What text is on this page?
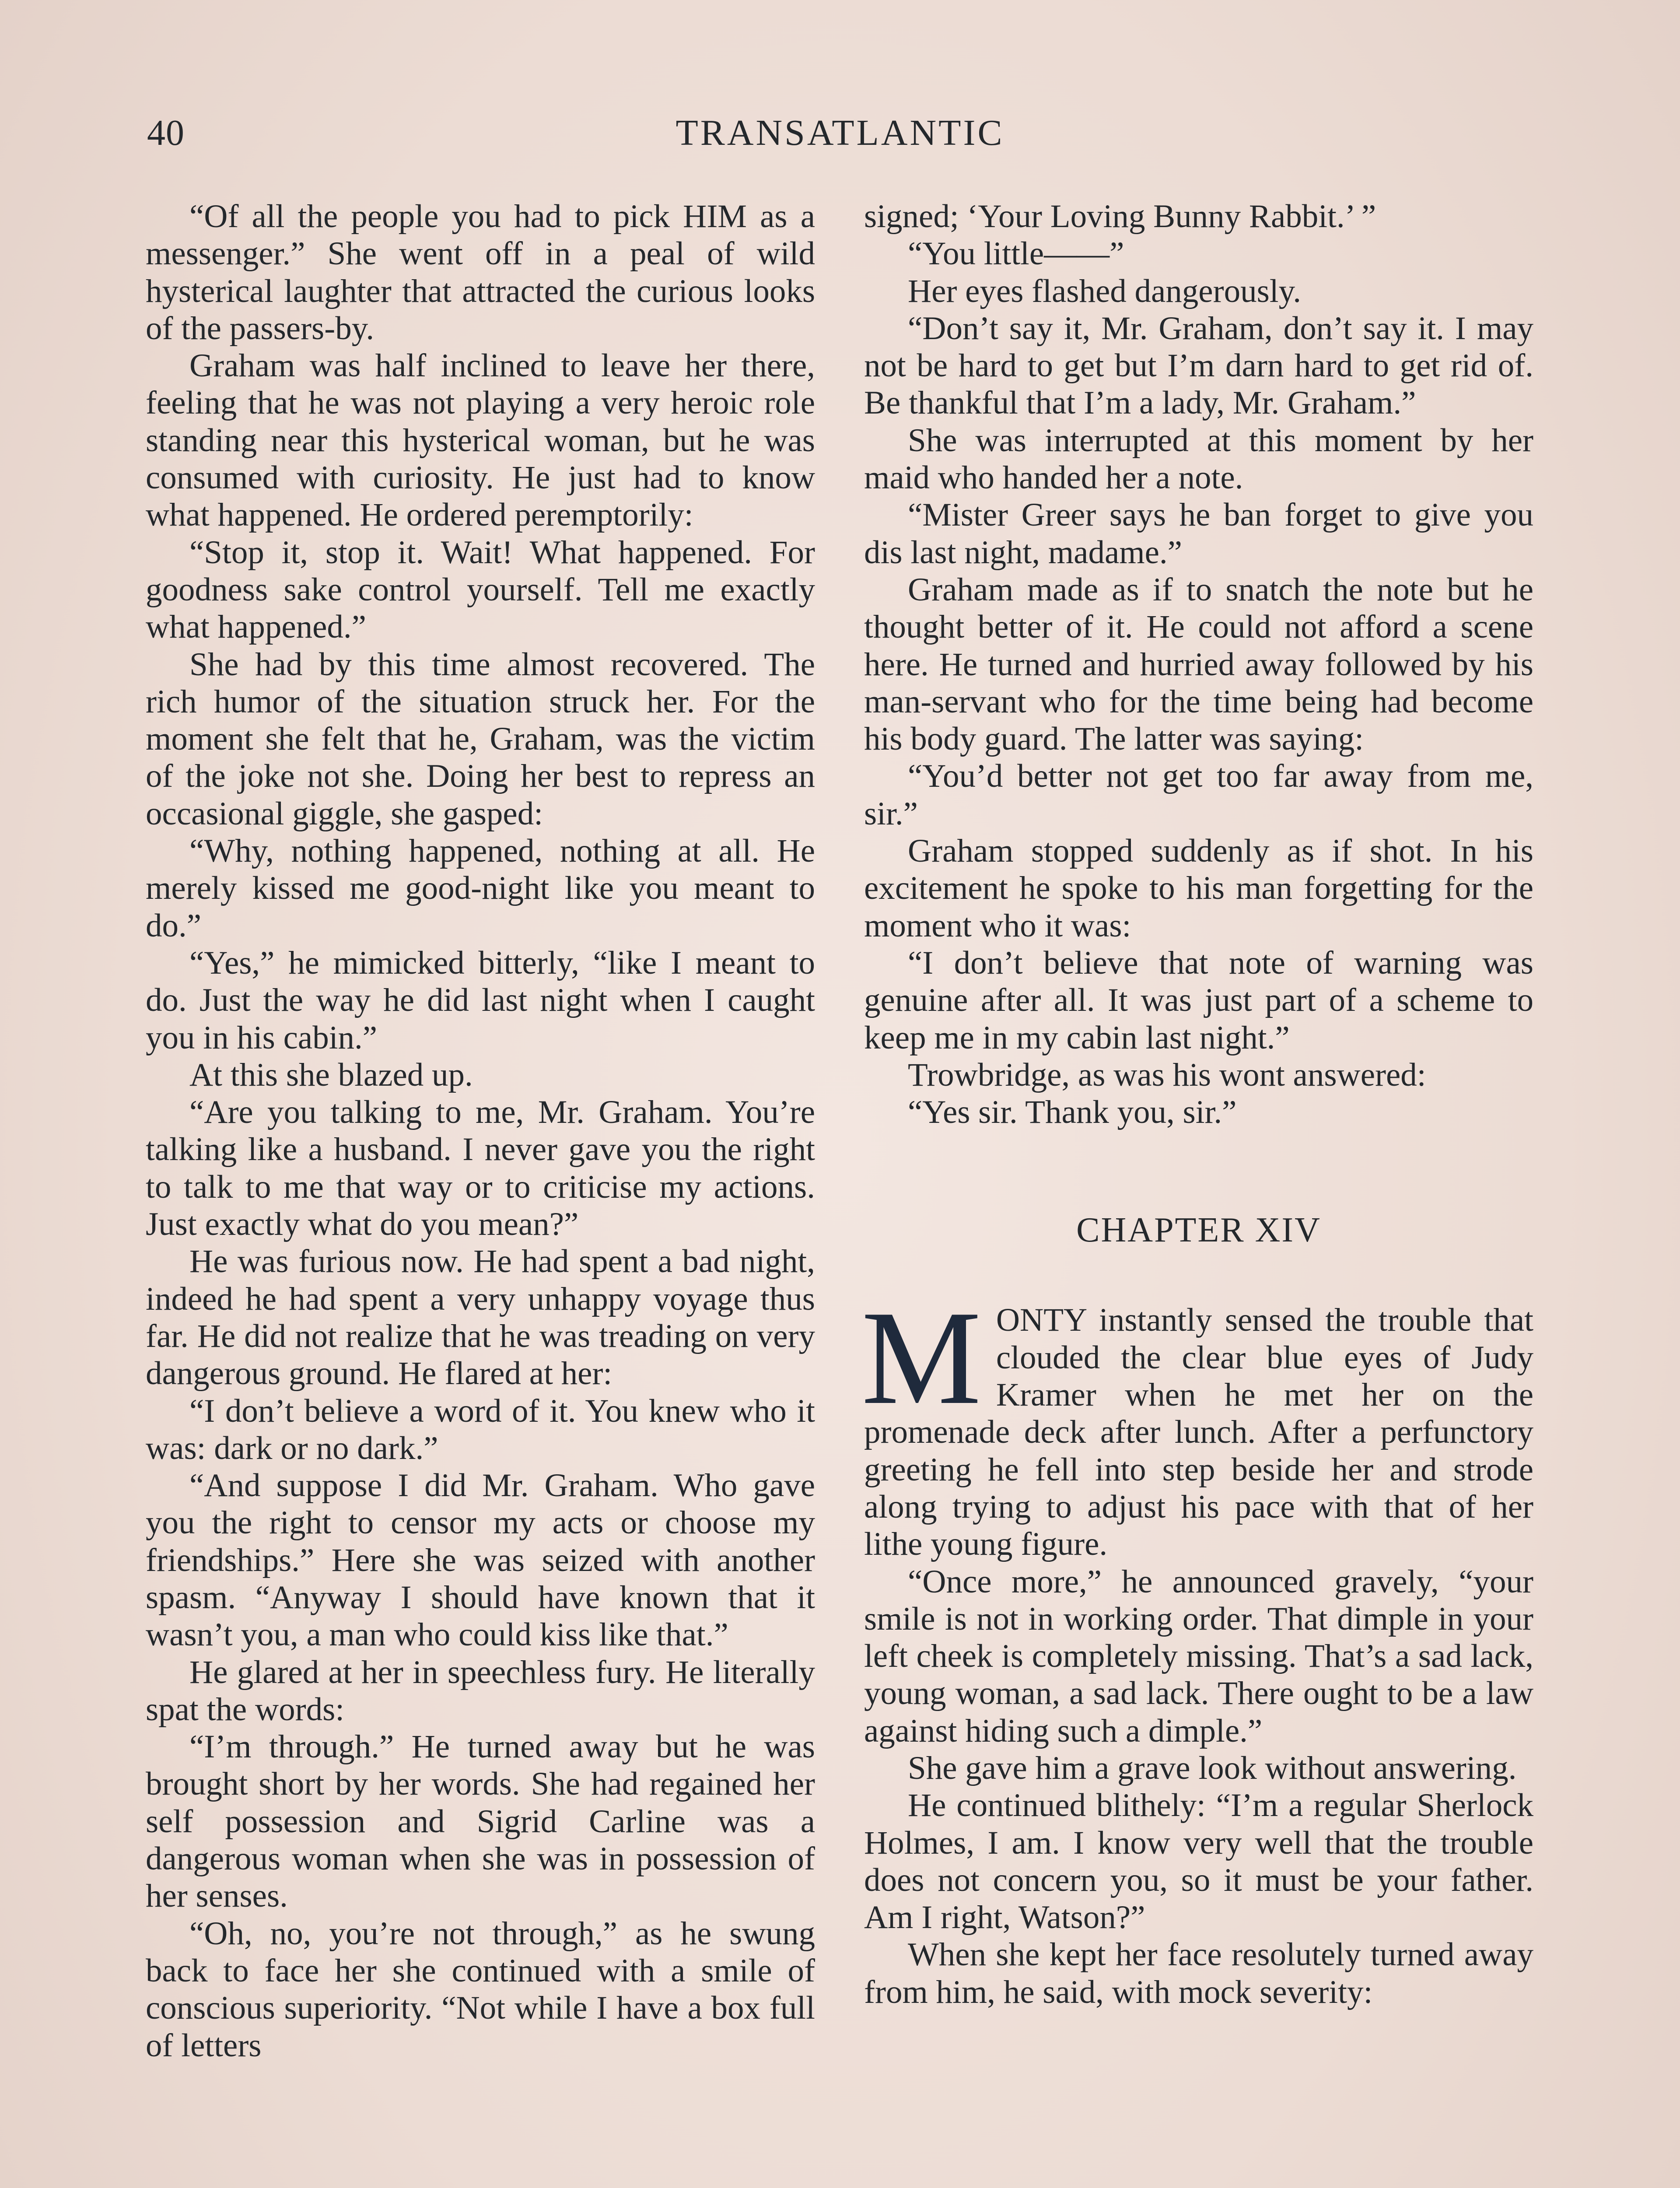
40	TRANSATLANTIC

“Of all the people you had to pick HIM as a messenger.” She went off in a peal of wild hysterical laughter that attracted the curious looks of the passers-by.

Graham was half inclined to leave her there, feeling that he was not playing a very heroic role standing near this hysterical woman, but he was consumed with curiosity. He just had to know what happened. He ordered peremptorily:

“Stop it, stop it. Wait! What happened. For goodness sake control yourself. Tell me exactly what happened.”

She had by this time almost recovered. The rich humor of the situation struck her. For the moment she felt that he, Graham, was the victim of the joke not she. Doing her best to repress an occasional giggle, she gasped:

“Why, nothing happened, nothing at all. He merely kissed me good-night like you meant to do.”

“Yes,” he mimicked bitterly, “like I meant to do. Just the way he did last night when I caught you in his cabin.”

At this she blazed up.

“Are you talking to me, Mr. Graham. You’re talking like a husband. I never gave you the right to talk to me that way or to criticise my actions. Just exactly what do you mean?”

He was furious now. He had spent a bad night, indeed he had spent a very unhappy voyage thus far. He did not realize that he was treading on very dangerous ground. He flared at her:

“I don’t believe a word of it. You knew who it was: dark or no dark.”

“And suppose I did Mr. Graham. Who gave you the right to censor my acts or choose my friendships.” Here she was seized with another spasm. “Anyway I should have known that it wasn’t you, a man who could kiss like that.”

He glared at her in speechless fury. He literally spat the words:

“I’m through.” He turned away but he was brought short by her words. She had regained her self possession and Sigrid Carline was a dangerous woman when she was in possession of her senses.

“Oh, no, you’re not through,” as he swung back to face her she continued with a smile of conscious superiority. “Not while I have a box full of letters

signed; ‘Your Loving Bunny Rabbit.’ ”

“You little——”

Her eyes flashed dangerously.

“Don’t say it, Mr. Graham, don’t say it. I may not be hard to get but I’m darn hard to get rid of. Be thankful that I’m a lady, Mr. Graham.”

She was interrupted at this moment by her maid who handed her a note.

“Mister Greer says he ban forget to give you dis last night, madame.”

Graham made as if to snatch the note but he thought better of it. He could not afford a scene here. He turned and hurried away followed by his man-servant who for the time being had become his body guard. The latter was saying:

“You’d better not get too far away from me, sir.”

Graham stopped suddenly as if shot. In his excitement he spoke to his man forgetting for the moment who it was:

“I don’t believe that note of warning was genuine after all. It was just part of a scheme to keep me in my cabin last night.”

Trowbridge, as was his wont answered:

“Yes sir. Thank you, sir.”

CHAPTER XIV

MONTY instantly sensed the trouble that clouded the clear blue eyes of Judy Kramer when he met her on the promenade deck after lunch. After a perfunctory greeting he fell into step beside her and strode along trying to adjust his pace with that of her lithe young figure.

“Once more,” he announced gravely, “your smile is not in working order. That dimple in your left cheek is completely missing. That’s a sad lack, young woman, a sad lack. There ought to be a law against hiding such a dimple.”

She gave him a grave look without answering.

He continued blithely: “I’m a regular Sherlock Holmes, I am. I know very well that the trouble does not concern you, so it must be your father. Am I right, Watson?”

When she kept her face resolutely turned away from him, he said, with mock severity:
